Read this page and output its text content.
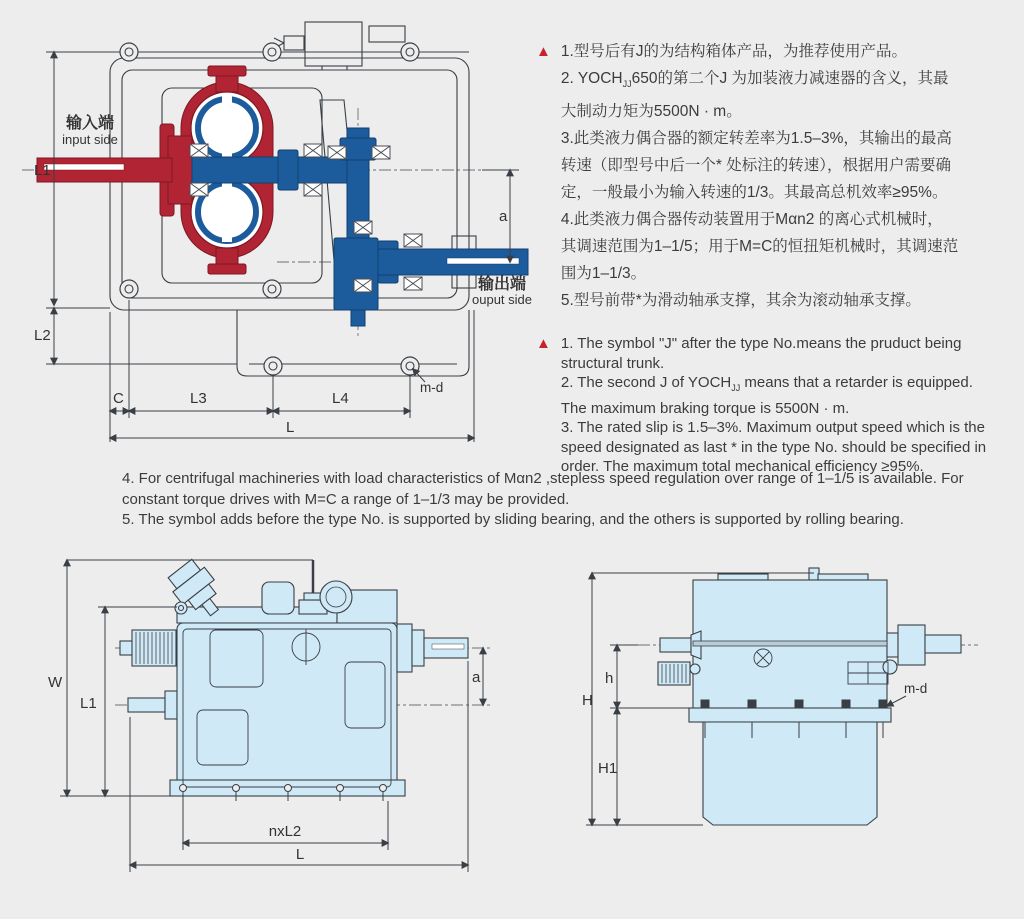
输入端
input side
输出端
ouput side
L1
L2
a
C	L3	L4
L
m-d
▲ 1.型号后有J的为结构箱体产品，为推荐使用产品。
2. $YOCH_{JJ}650$的第二个J 为加装液力减速器的含义，其最
大制动力矩为5500N · m。
3.此类液力偶合器的额定转差率为1.5–3%，其输出的最高
转速（即型号中后一个* 处标注的转速），根据用户需要确
定，一般最小为输入转速的1/3。其最高总机效率≥95%。
4.此类液力偶合器传动装置用于Mαn2 的离心式机械时，
其调速范围为1–1/5；用于M=C的恒扭矩机械时，其调速范
围为1–1/3。
5.型号前带*为滑动轴承支撑，其余为滚动轴承支撑。
▲ 1. The symbol "J" after the type No.means the pruduct being
structural trunk.
2. The second J of $YOCH_{JJ}$ means that a retarder is equipped.
The maximum braking torque is 5500N · m.
3. The rated slip is 1.5–3%. Maximum output speed which is the
speed designated as last * in the type No. should be specified in
order. The maximum total mechanical efficiency ≥95%.
4. For centrifugal machineries with load characteristics of Mαn2 ,stepless speed regulation over range of 1–1/5 is available. For
constant torque drives with M=C a range of 1–1/3 may be provided.
5. The symbol adds before the type No. is supported by sliding bearing, and the others is supported by rolling bearing.
W
L1
a
nxL2
L
H
h
H1
m-d
